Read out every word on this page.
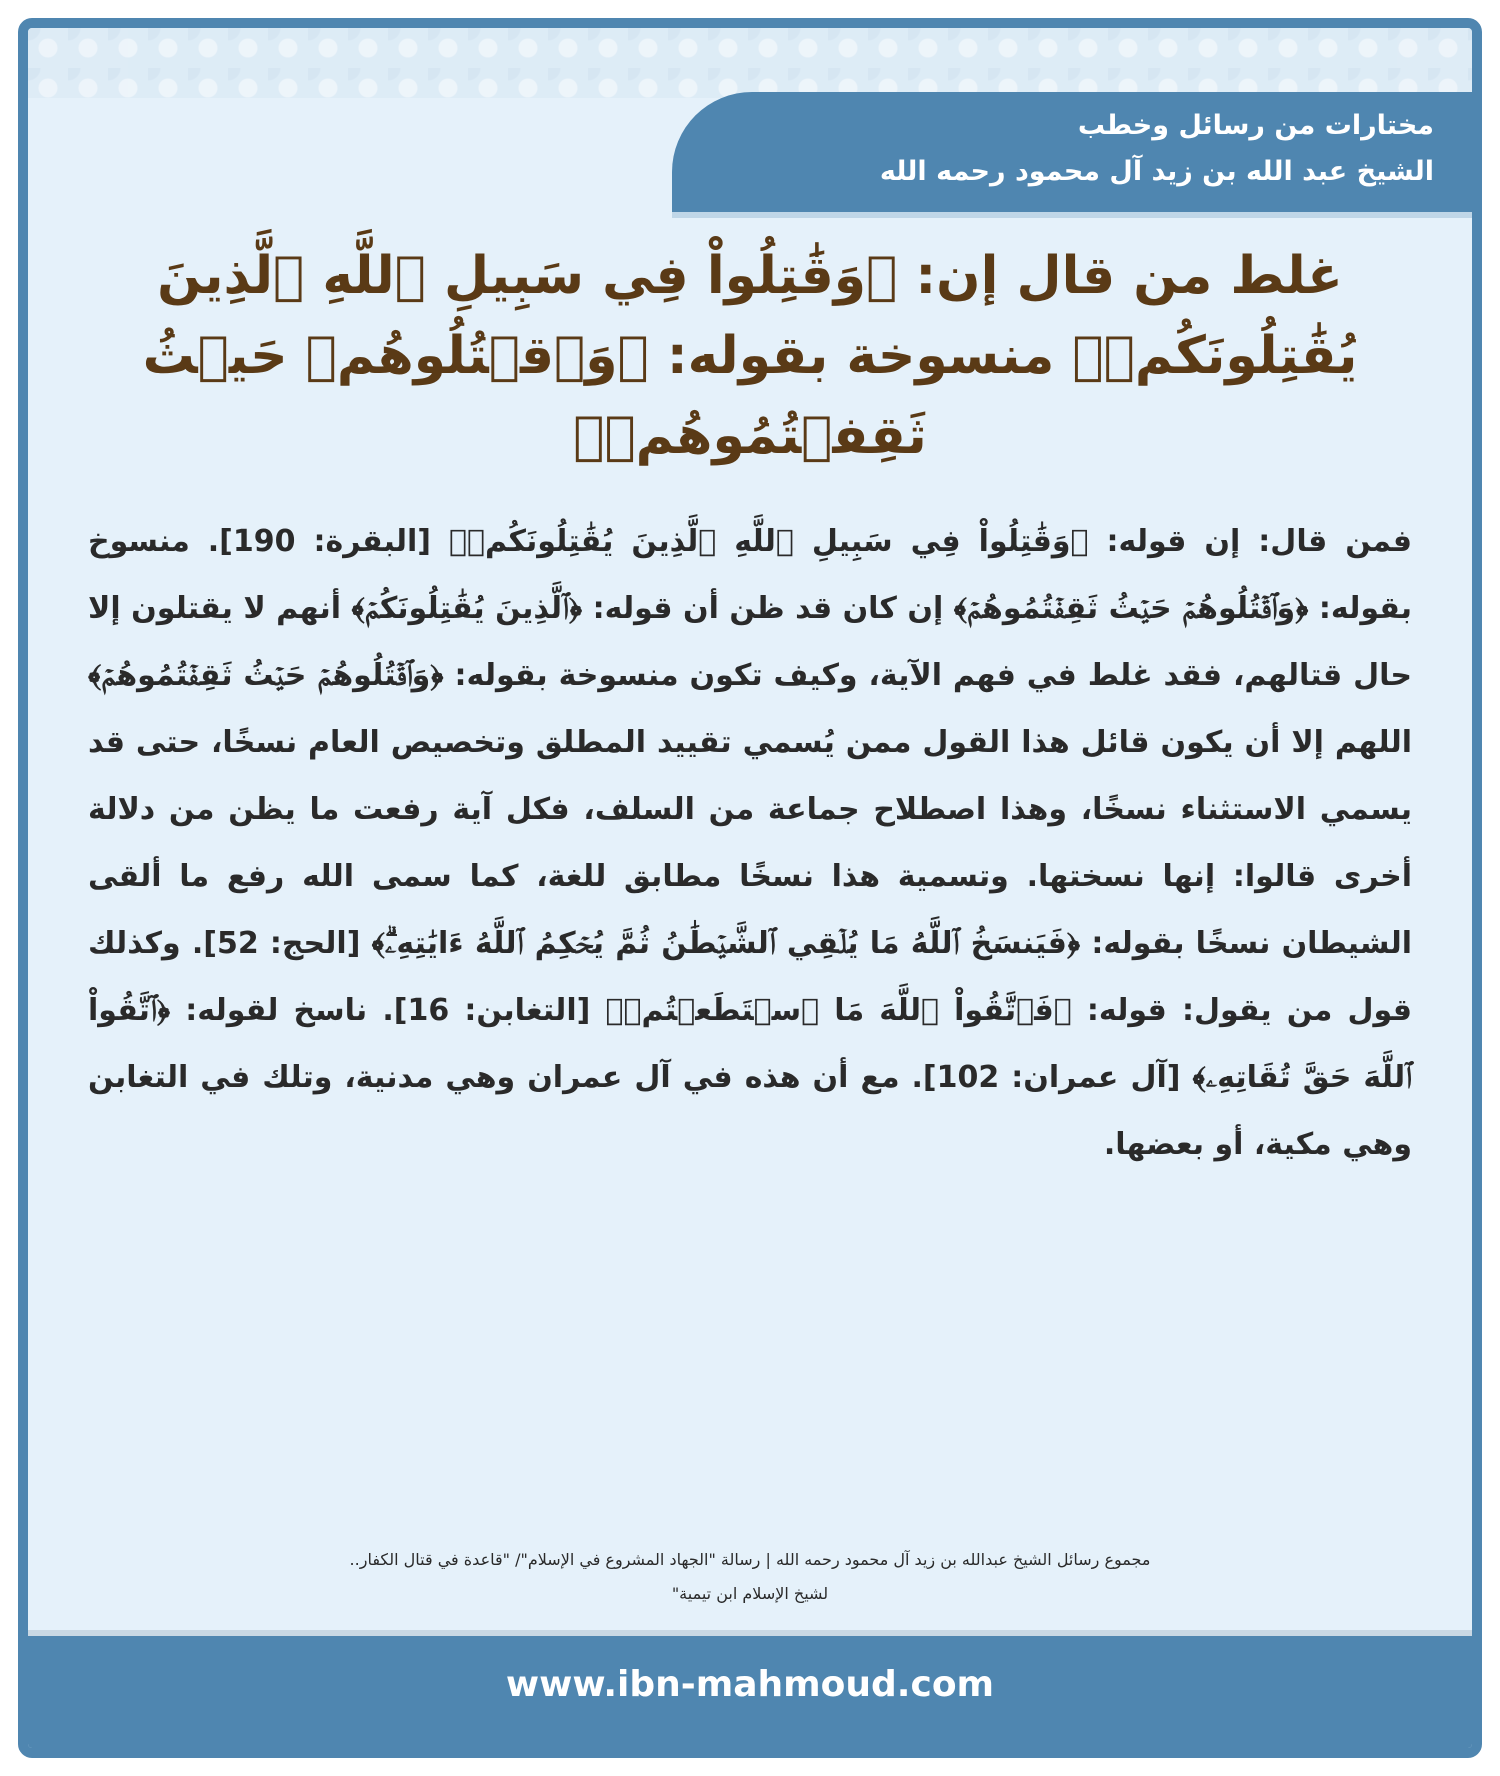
مختارات من رسائل وخطب
الشيخ عبد الله بن زيد آل محمود رحمه الله
غلط من قال إن: ﴿وَقَٰتِلُواْ فِي سَبِيلِ ٱللَّهِ ٱلَّذِينَ يُقَٰتِلُونَكُمۡ﴾ منسوخة بقوله: ﴿وَٱقۡتُلُوهُمۡ حَيۡثُ ثَقِفۡتُمُوهُمۡ﴾

فمن قال: إن قوله: ﴿وَقَٰتِلُواْ فِي سَبِيلِ ٱللَّهِ ٱلَّذِينَ يُقَٰتِلُونَكُمۡ﴾ [البقرة: 190]. منسوخ بقوله: ﴿وَٱقۡتُلُوهُمۡ حَيۡثُ ثَقِفۡتُمُوهُمۡ﴾ إن كان قد ظن أن قوله: ﴿ٱلَّذِينَ يُقَٰتِلُونَكُمۡ﴾ أنهم لا يقتلون إلا حال قتالهم، فقد غلط في فهم الآية، وكيف تكون منسوخة بقوله: ﴿وَٱقۡتُلُوهُمۡ حَيۡثُ ثَقِفۡتُمُوهُمۡ﴾ اللهم إلا أن يكون قائل هذا القول ممن يُسمي تقييد المطلق وتخصيص العام نسخًا، حتى قد يسمي الاستثناء نسخًا، وهذا اصطلاح جماعة من السلف، فكل آية رفعت ما يظن من دلالة أخرى قالوا: إنها نسختها. وتسمية هذا نسخًا مطابق للغة، كما سمى الله رفع ما ألقى الشيطان نسخًا بقوله: ﴿فَيَنسَخُ ٱللَّهُ مَا يُلۡقِي ٱلشَّيۡطَٰنُ ثُمَّ يُحۡكِمُ ٱللَّهُ ءَايَٰتِهِۦۗ﴾ [الحج: 52]. وكذلك قول من يقول: قوله: ﴿فَٱتَّقُواْ ٱللَّهَ مَا ٱسۡتَطَعۡتُمۡ﴾ [التغابن: 16]. ناسخ لقوله: ﴿ٱتَّقُواْ ٱللَّهَ حَقَّ تُقَاتِهِۦ﴾ [آل عمران: 102]. مع أن هذه في آل عمران وهي مدنية، وتلك في التغابن وهي مكية، أو بعضها.

مجموع رسائل الشيخ عبدالله بن زيد آل محمود رحمه الله | رسالة "الجهاد المشروع في الإسلام"/ "قاعدة في قتال الكفار..
لشيخ الإسلام ابن تيمية"
www.ibn-mahmoud.com
